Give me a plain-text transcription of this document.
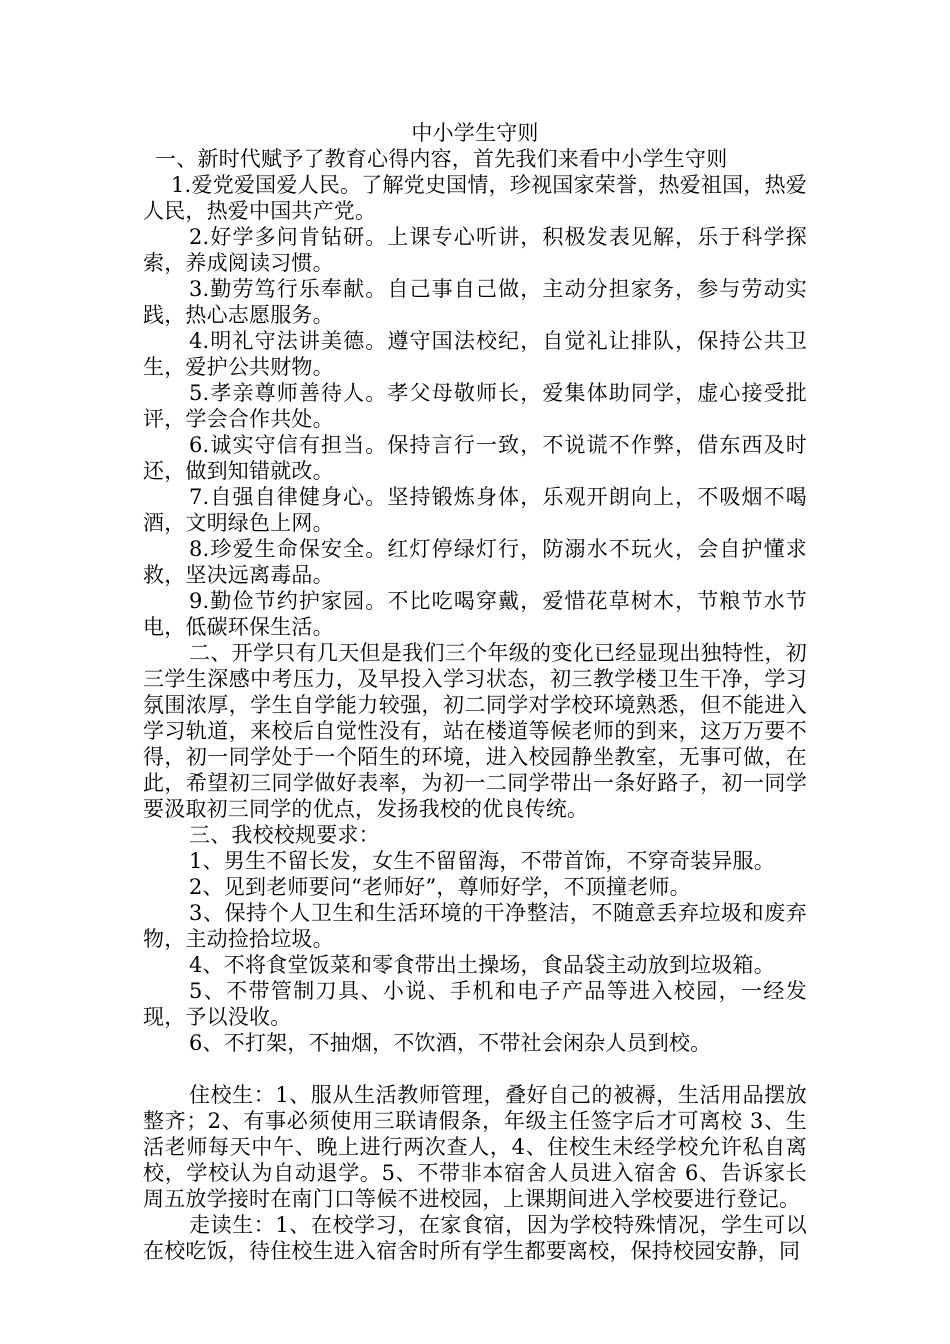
中小学生守则

一、新时代赋予了教育心得内容，首先我们来看中小学生守则

1.爱党爱国爱人民。了解党史国情，珍视国家荣誉，热爱祖国，热爱人民，热爱中国共产党。

2.好学多问肯钻研。上课专心听讲，积极发表见解，乐于科学探索，养成阅读习惯。

3.勤劳笃行乐奉献。自己事自己做，主动分担家务，参与劳动实践，热心志愿服务。

4.明礼守法讲美德。遵守国法校纪，自觉礼让排队，保持公共卫生，爱护公共财物。

5.孝亲尊师善待人。孝父母敬师长，爱集体助同学，虚心接受批评，学会合作共处。

6.诚实守信有担当。保持言行一致，不说谎不作弊，借东西及时还，做到知错就改。

7.自强自律健身心。坚持锻炼身体，乐观开朗向上，不吸烟不喝酒，文明绿色上网。

8.珍爱生命保安全。红灯停绿灯行，防溺水不玩火，会自护懂求救，坚决远离毒品。

9.勤俭节约护家园。不比吃喝穿戴，爱惜花草树木，节粮节水节电，低碳环保生活。

二、开学只有几天但是我们三个年级的变化已经显现出独特性，初三学生深感中考压力，及早投入学习状态，初三教学楼卫生干净，学习氛围浓厚，学生自学能力较强，初二同学对学校环境熟悉，但不能进入学习轨道，来校后自觉性没有，站在楼道等候老师的到来，这万万要不得，初一同学处于一个陌生的环境，进入校园静坐教室，无事可做，在此，希望初三同学做好表率，为初一二同学带出一条好路子，初一同学要汲取初三同学的优点，发扬我校的优良传统。

三、我校校规要求：

1、男生不留长发，女生不留留海，不带首饰，不穿奇装异服。

2、见到老师要问“老师好”，尊师好学，不顶撞老师。

3、保持个人卫生和生活环境的干净整洁，不随意丢弃垃圾和废弃物，主动捡拾垃圾。

4、不将食堂饭菜和零食带出土操场，食品袋主动放到垃圾箱。

5、不带管制刀具、小说、手机和电子产品等进入校园，一经发现，予以没收。

6、不打架，不抽烟，不饮酒，不带社会闲杂人员到校。

住校生：1、服从生活教师管理，叠好自己的被褥，生活用品摆放整齐；2、有事必须使用三联请假条，年级主任签字后才可离校 3、生活老师每天中午、晚上进行两次查人，4、住校生未经学校允许私自离校，学校认为自动退学。5、不带非本宿舍人员进入宿舍 6、告诉家长周五放学接时在南门口等候不进校园，上课期间进入学校要进行登记。

走读生：1、在校学习，在家食宿，因为学校特殊情况，学生可以在校吃饭，待住校生进入宿舍时所有学生都要离校，保持校园安静，同
